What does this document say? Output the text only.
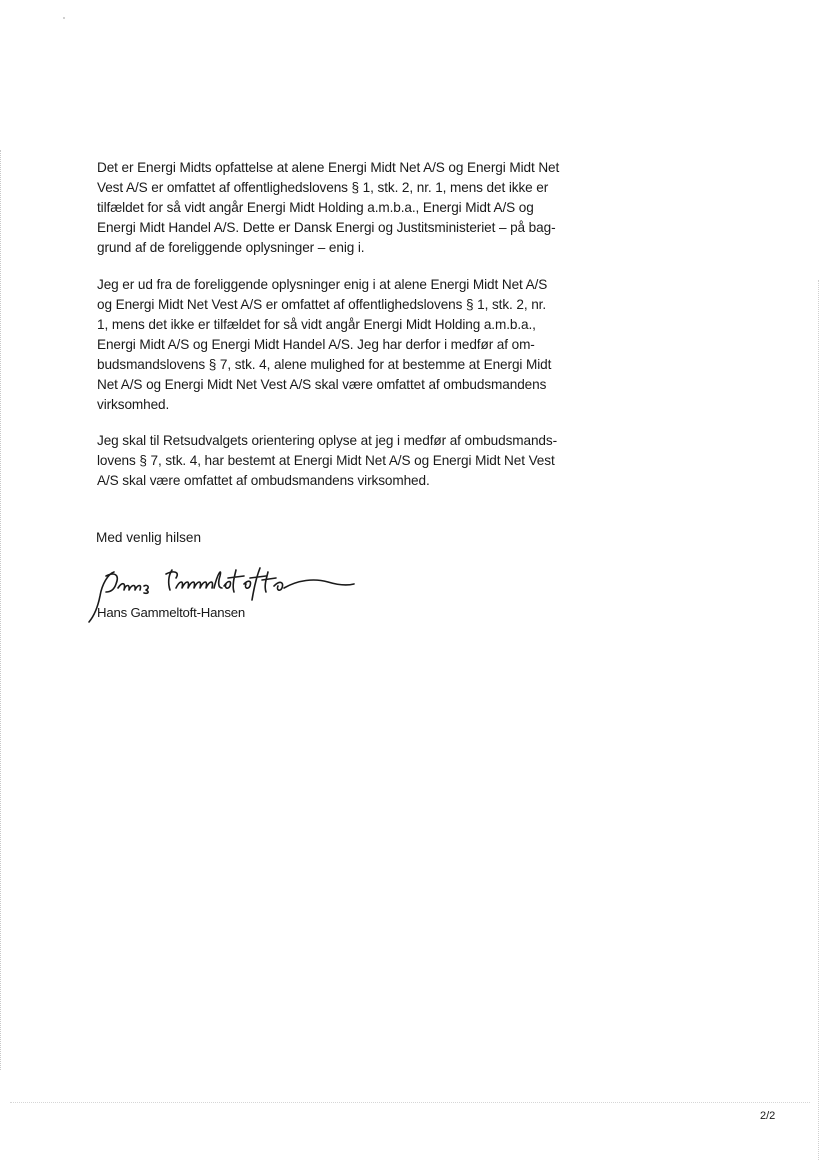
Det er Energi Midts opfattelse at alene Energi Midt Net A/S og Energi Midt Net
Vest A/S er omfattet af offentlighedslovens § 1, stk. 2, nr. 1, mens det ikke er
tilfældet for så vidt angår Energi Midt Holding a.m.b.a., Energi Midt A/S og
Energi Midt Handel A/S. Dette er Dansk Energi og Justitsministeriet – på bag-
grund af de foreliggende oplysninger – enig i.

Jeg er ud fra de foreliggende oplysninger enig i at alene Energi Midt Net A/S
og Energi Midt Net Vest A/S er omfattet af offentlighedslovens § 1, stk. 2, nr.
1, mens det ikke er tilfældet for så vidt angår Energi Midt Holding a.m.b.a.,
Energi Midt A/S og Energi Midt Handel A/S. Jeg har derfor i medfør af om-
budsmandslovens § 7, stk. 4, alene mulighed for at bestemme at Energi Midt
Net A/S og Energi Midt Net Vest A/S skal være omfattet af ombudsmandens
virksomhed.

Jeg skal til Retsudvalgets orientering oplyse at jeg i medfør af ombudsmands-
lovens § 7, stk. 4, har bestemt at Energi Midt Net A/S og Energi Midt Net Vest
A/S skal være omfattet af ombudsmandens virksomhed.

Med venlig hilsen

Hans Gammeltoft-Hansen

2/2
